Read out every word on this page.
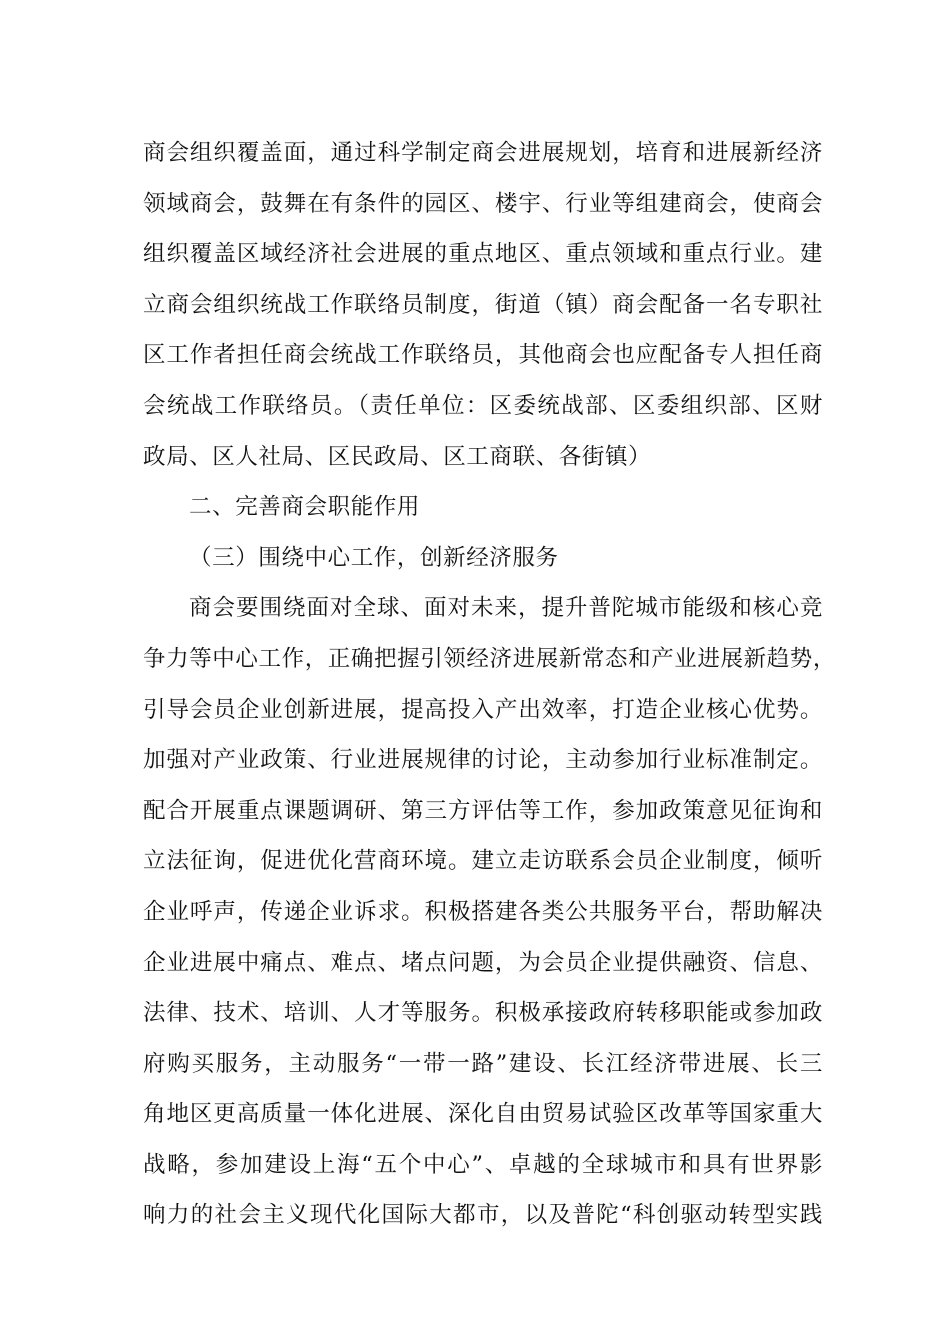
商会组织覆盖面，通过科学制定商会进展规划，培育和进展新经济
领域商会，鼓舞在有条件的园区、楼宇、行业等组建商会，使商会
组织覆盖区域经济社会进展的重点地区、重点领域和重点行业。建
立商会组织统战工作联络员制度，街道（镇）商会配备一名专职社
区工作者担任商会统战工作联络员，其他商会也应配备专人担任商
会统战工作联络员。（责任单位：区委统战部、区委组织部、区财
政局、区人社局、区民政局、区工商联、各街镇）
二、完善商会职能作用
（三）围绕中心工作，创新经济服务
商会要围绕面对全球、面对未来，提升普陀城市能级和核心竞
争力等中心工作，正确把握引领经济进展新常态和产业进展新趋势，
引导会员企业创新进展，提高投入产出效率，打造企业核心优势。
加强对产业政策、行业进展规律的讨论，主动参加行业标准制定。
配合开展重点课题调研、第三方评估等工作，参加政策意见征询和
立法征询，促进优化营商环境。建立走访联系会员企业制度，倾听
企业呼声，传递企业诉求。积极搭建各类公共服务平台，帮助解决
企业进展中痛点、难点、堵点问题，为会员企业提供融资、信息、
法律、技术、培训、人才等服务。积极承接政府转移职能或参加政
府购买服务，主动服务“一带一路”建设、长江经济带进展、长三
角地区更高质量一体化进展、深化自由贸易试验区改革等国家重大
战略，参加建设上海“五个中心”、卓越的全球城市和具有世界影
响力的社会主义现代化国际大都市，以及普陀“科创驱动转型实践
